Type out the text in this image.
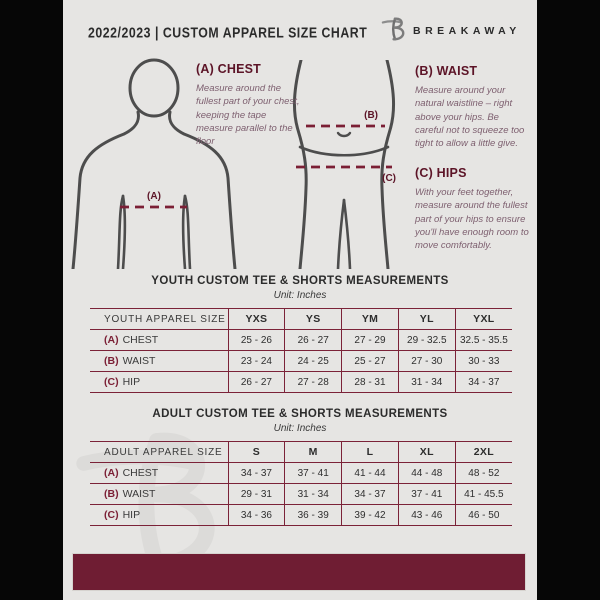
2022/2023 | CUSTOM APPAREL SIZE CHART	BREAKAWAY
(A)
(B)
(C)

(A) CHEST

Measure around the fullest part of your chest, keeping the tape measure parallel to the floor

(B) WAIST

Measure around your natural waistline – right above your hips. Be careful not to squeeze too tight to allow a little give.

(C) HIPS

With your feet together, measure around the fullest part of your hips to ensure you'll have enough room to move comfortably.

YOUTH CUSTOM TEE & SHORTS MEASUREMENTS
Unit: Inches
YOUTH APPAREL SIZE	YXS	YS	YM	YL	YXL
(A) CHEST	25 - 26	26 - 27	27 - 29	29 - 32.5	32.5 - 35.5
(B) WAIST	23 - 24	24 - 25	25 - 27	27 - 30	30 - 33
(C) HIP	26 - 27	27 - 28	28 - 31	31 - 34	34 - 37
ADULT CUSTOM TEE & SHORTS MEASUREMENTS
Unit: Inches
ADULT APPAREL SIZE	S	M	L	XL	2XL
(A) CHEST	34 - 37	37 - 41	41 - 44	44 - 48	48 - 52
(B) WAIST	29 - 31	31 - 34	34 - 37	37 - 41	41 - 45.5
(C) HIP	34 - 36	36 - 39	39 - 42	43 - 46	46 - 50
